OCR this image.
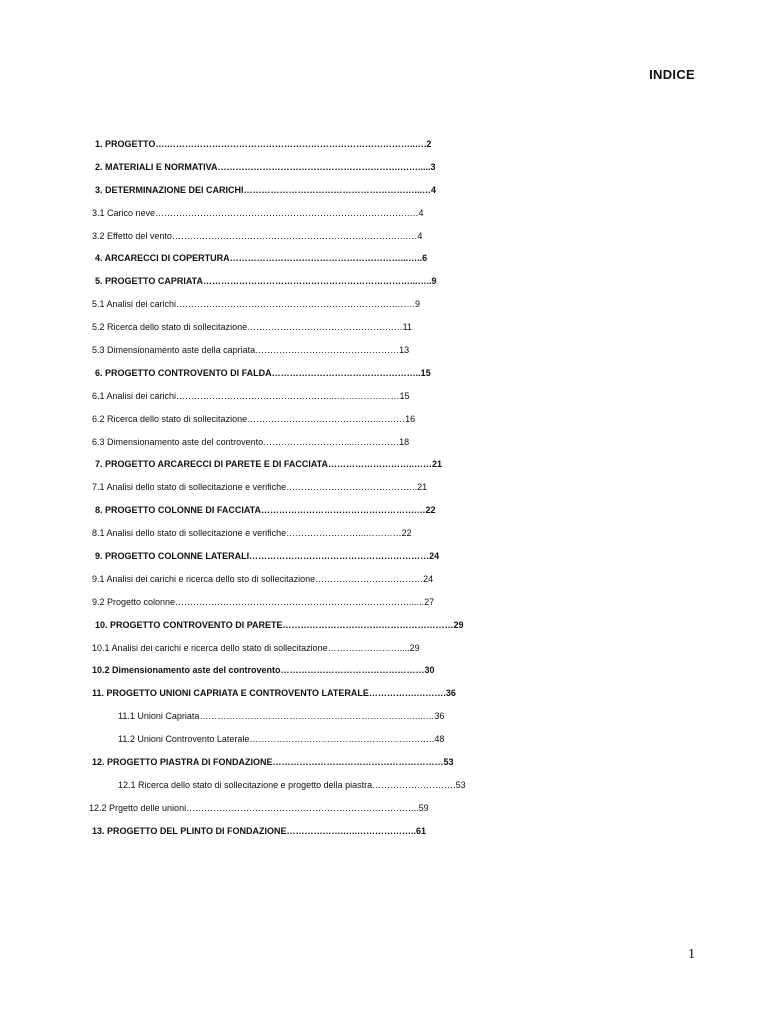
INDICE
1. PROGETTO….………………………………………………………………………..….2
2. MATERIALI E NORMATIVA…………………………………………………….…….....3
3. DETERMINAZIONE DEI CARICHI…………………………………………………...…4
3.1 Carico neve………………………………………………………………………….…4
3.2 Effetto del vento………………………………………………………………….……4
4. ARCARECCI DI COPERTURA…………………………………………………...…..6
5. PROGETTO CAPRIATA……………………………………………………………...…..9
5.1 Analisi dei carichi……………………………………………………………….…….9
5.2 Ricerca dello stato di sollecitazione………………………………………….…11
5.3 Dimensionamento aste della capriata…………………………………………13
6. PROGETTO CONTROVENTO DI FALDA…………………………………………..15
6.1 Analisi dei carichi……………………………………………...…………………15
6.2 Ricerca dello stato di sollecitazione……………………………………..………16
6.3 Dimensionamento aste del controvento………………………....……………18
7. PROGETTO ARCARECCI DI PARETE E DI FACCIATA………………………..……21
7.1 Analisi dello stato di sollecitazione e verifiche……………………………………..21
8. PROGETTO COLONNE DI FACCIATA…………………………………………….…22
8.1 Analisi dello stato di sollecitazione e verifiche……………………...…………22
9. PROGETTO COLONNE LATERALI……………………………………………………24
9.1 Analisi dei carichi e ricerca dello sto di sollecitazione………………………………24
9.2 Progetto colonne……………………………………………………………………......27
10. PROGETTO CONTROVENTO DI PARETE…………………………………………………29
10.1 Analisi dei carichi e ricerca dello stato di sollecitazione……………………....29
10.2 Dimensionamento aste del controvento…………………………………………30
11. PROGETTO UNIONI CAPRIATA E CONTROVENTO LATERALE…………….……….36
11.1 Unioni Capriata………………………………………………………………....…36
11.2 Unioni Controvento Laterale………………………………………………….….48
12. PROGETTO PIASTRA DI FONDAZIONE…………………………………………………53
12.1 Ricerca dello stato di sollecitazione e progetto della piastra……………………….53
12.2 Prgetto delle unioni…………………………………………………………………...59
13. PROGETTO DEL PLINTO DI FONDAZIONE……………….…..………………..61
1
